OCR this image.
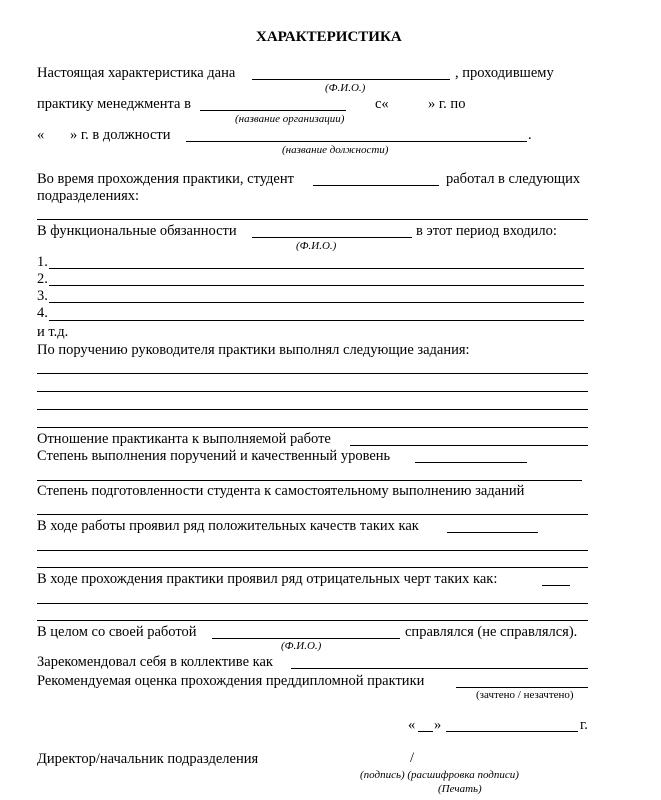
ХАРАКТЕРИСТИКА
Настоящая характеристика дана	, проходившему
(Ф.И.О.)
практику менеджмента в	с«	» г. по
(название организации)
« » г. в должности	.
(название должности)
Во время прохождения практики, студент	работал в следующих
подразделениях:
В функциональные обязанности	в этот период входило:
(Ф.И.О.)
1.
2.
3.
4.
и т.д.
По поручению руководителя практики выполнял следующие задания:
Отношение практиканта к выполняемой работе
Степень выполнения поручений и качественный уровень
Степень подготовленности студента к самостоятельному выполнению заданий
В ходе работы проявил ряд положительных качеств таких как
В ходе прохождения практики проявил ряд отрицательных черт таких как:
В целом со своей работой	справлялся (не справлялся).
(Ф.И.О.)
Зарекомендовал себя в коллективе как
Рекомендуемая оценка прохождения преддипломной практики
(зачтено / незачтено)
« »	г.
Директор/начальник подразделения	/
(подпись) (расшифровка подписи)
(Печать)
